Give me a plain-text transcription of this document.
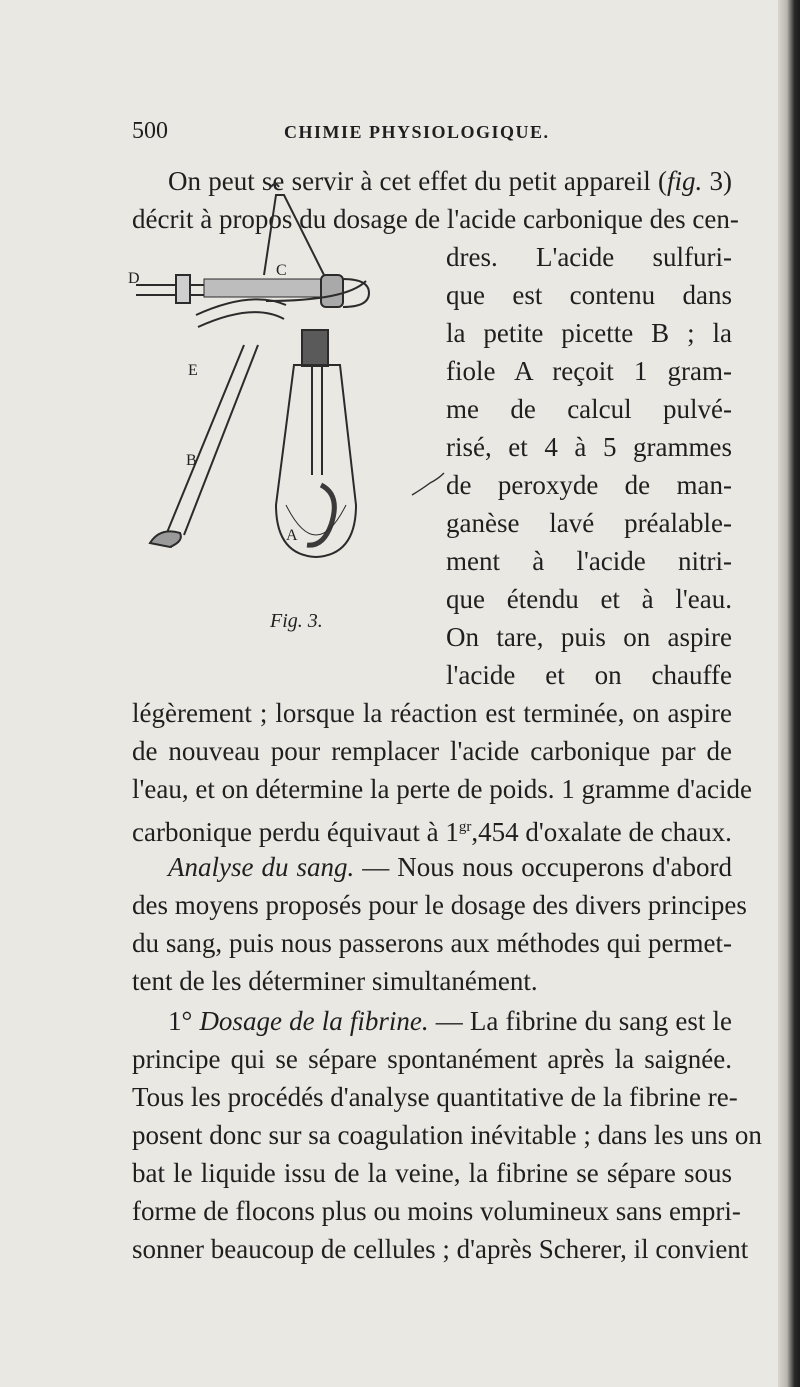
500	CHIMIE PHYSIOLOGIQUE.
On peut se servir à cet effet du petit appareil (fig. 3)
décrit à propos du dosage de l'acide carbonique des cen-
dres. L'acide sulfuri-
que est contenu dans
la petite picette B ; la
fiole A reçoit 1 gram-
me de calcul pulvé-
risé, et 4 à 5 grammes
de peroxyde de man-
ganèse lavé préalable-
ment à l'acide nitri-
que étendu et à l'eau.
On tare, puis on aspire
l'acide et on chauffe
légèrement ; lorsque la réaction est terminée, on aspire
de nouveau pour remplacer l'acide carbonique par de
l'eau, et on détermine la perte de poids. 1 gramme d'acide
carbonique perdu équivaut à $1^{gr},454$ d'oxalate de chaux.
Analyse du sang. — Nous nous occuperons d'abord
des moyens proposés pour le dosage des divers principes
du sang, puis nous passerons aux méthodes qui permet-
tent de les déterminer simultanément.
1° Dosage de la fibrine. — La fibrine du sang est le
principe qui se sépare spontanément après la saignée.
Tous les procédés d'analyse quantitative de la fibrine re-
posent donc sur sa coagulation inévitable ; dans les uns on
bat le liquide issu de la veine, la fibrine se sépare sous
forme de flocons plus ou moins volumineux sans empri-
sonner beaucoup de cellules ; d'après Scherer, il convient
D	C
E
B
A
Fig. 3.
